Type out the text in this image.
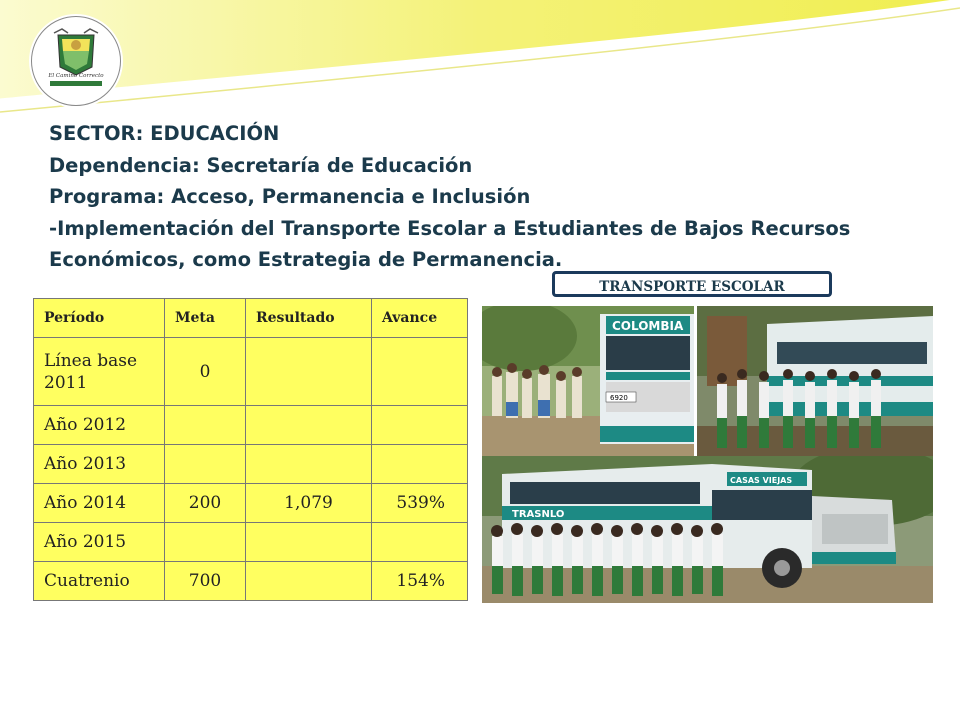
El Camino Correcto
SECTOR: EDUCACIÓN
Dependencia: Secretaría de Educación
Programa: Acceso, Permanencia e Inclusión
-Implementación del Transporte Escolar a Estudiantes de Bajos Recursos
Económicos, como Estrategia de Permanencia.
Período	Meta	Resultado	Avance
Línea base
2011	0		
Año 2012			
Año 2013			
Año 2014	200	1,079	539%
Año 2015			
Cuatrenio	700		154%
TRANSPORTE ESCOLAR
COLOMBIA
6920
TRASNLO
CASAS VIEJAS
